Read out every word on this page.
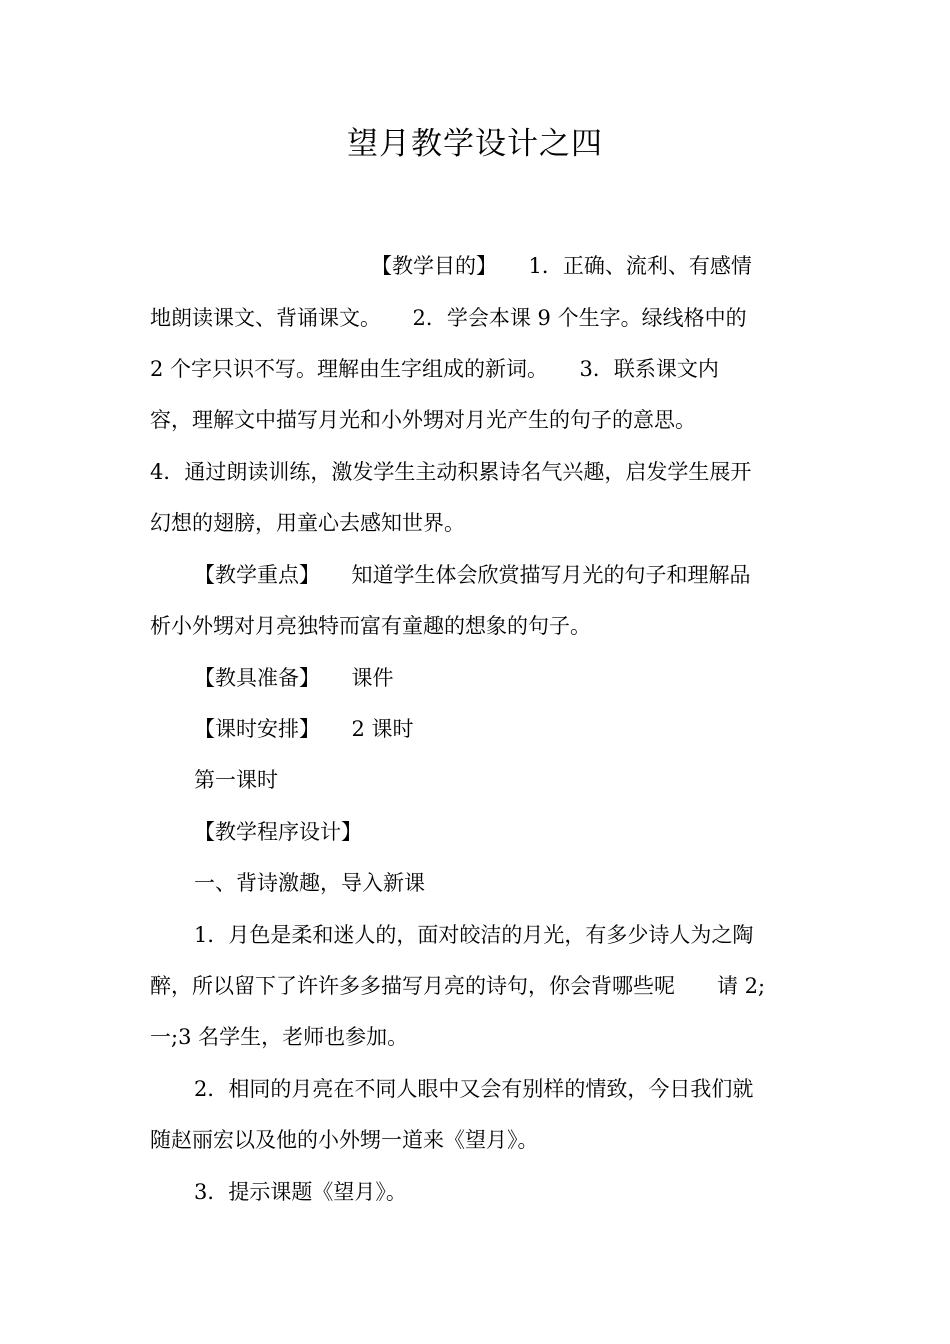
望月教学设计之四
【教学目的】　　1．正确、流利、有感情
地朗读课文、背诵课文。　　2．学会本课 9 个生字。绿线格中的
2 个字只识不写。理解由生字组成的新词。　　3．联系课文内
容，理解文中描写月光和小外甥对月光产生的句子的意思。
4．通过朗读训练，激发学生主动积累诗名气兴趣，启发学生展开
幻想的翅膀，用童心去感知世界。
【教学重点】　　知道学生体会欣赏描写月光的句子和理解品
析小外甥对月亮独特而富有童趣的想象的句子。
【教具准备】　　课件
【课时安排】　　2 课时
第一课时
【教学程序设计】
一、背诗激趣，导入新课
1．月色是柔和迷人的，面对皎洁的月光，有多少诗人为之陶
醉，所以留下了许许多多描写月亮的诗句，你会背哪些呢　　请 2;
一;3 名学生，老师也参加。
2．相同的月亮在不同人眼中又会有别样的情致，今日我们就
随赵丽宏以及他的小外甥一道来《望月》。
3．提示课题《望月》。
